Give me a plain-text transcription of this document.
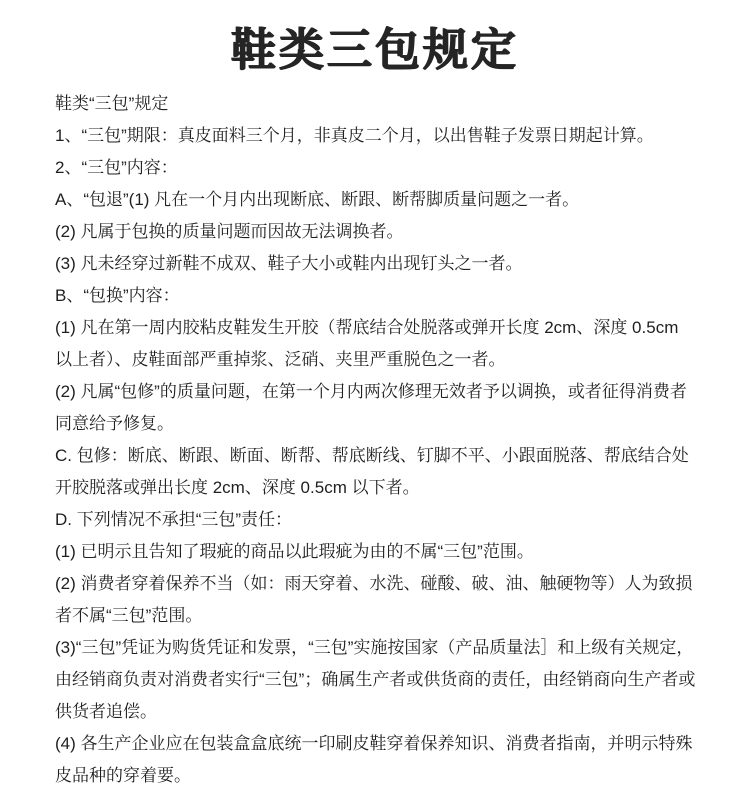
鞋类三包规定

鞋类“三包”规定

1、“三包”期限：真皮面料三个月，非真皮二个月，以出售鞋子发票日期起计算。

2、“三包”内容：

A、“包退”(1) 凡在一个月内出现断底、断跟、断帮脚质量问题之一者。

(2) 凡属于包换的质量问题而因故无法调换者。

(3) 凡未经穿过新鞋不成双、鞋子大小或鞋内出现钉头之一者。

B、“包换”内容：

(1) 凡在第一周内胶粘皮鞋发生开胶（帮底结合处脱落或弹开长度 2cm、深度 0.5cm 以上者）、皮鞋面部严重掉浆、泛硝、夹里严重脱色之一者。

(2) 凡属“包修”的质量问题，在第一个月内两次修理无效者予以调换，或者征得消费者同意给予修复。

C. 包修：断底、断跟、断面、断帮、帮底断线、钉脚不平、小跟面脱落、帮底结合处开胶脱落或弹出长度 2cm、深度 0.5cm 以下者。

D. 下列情况不承担“三包”责任：

(1) 已明示且告知了瑕疵的商品以此瑕疵为由的不属“三包”范围。

(2) 消费者穿着保养不当（如：雨天穿着、水洗、碰酸、破、油、触硬物等）人为致损者不属“三包”范围。

(3)“三包”凭证为购货凭证和发票，“三包”实施按国家（产品质量法］和上级有关规定，由经销商负责对消费者实行“三包”；确属生产者或供货商的责任，由经销商向生产者或供货者追偿。

(4) 各生产企业应在包装盒盒底统一印刷皮鞋穿着保养知识、消费者指南，并明示特殊皮品种的穿着要。
